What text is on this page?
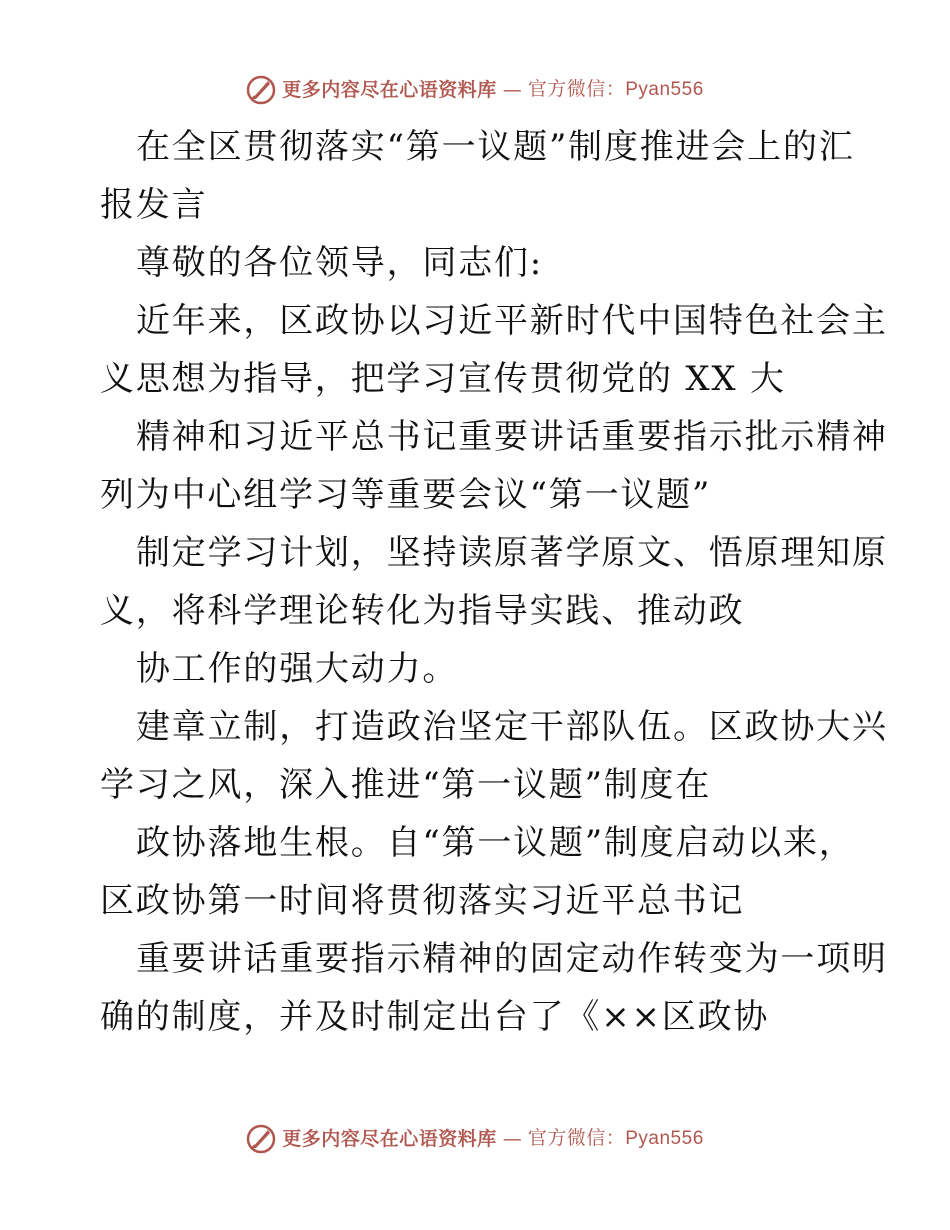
更多内容尽在心语资料库 — 官方微信：Pyan556
在全区贯彻落实“第一议题”制度推进会上的汇
报发言
尊敬的各位领导，同志们:
近年来，区政协以习近平新时代中国特色社会主
义思想为指导，把学习宣传贯彻党的 XX 大
精神和习近平总书记重要讲话重要指示批示精神
列为中心组学习等重要会议“第一议题”
制定学习计划，坚持读原著学原文、悟原理知原
义，将科学理论转化为指导实践、推动政
协工作的强大动力。
建章立制，打造政治坚定干部队伍。区政协大兴
学习之风，深入推进“第一议题”制度在
政协落地生根。自“第一议题”制度启动以来，
区政协第一时间将贯彻落实习近平总书记
重要讲话重要指示精神的固定动作转变为一项明
确的制度，并及时制定出台了《××区政协
更多内容尽在心语资料库 — 官方微信：Pyan556
